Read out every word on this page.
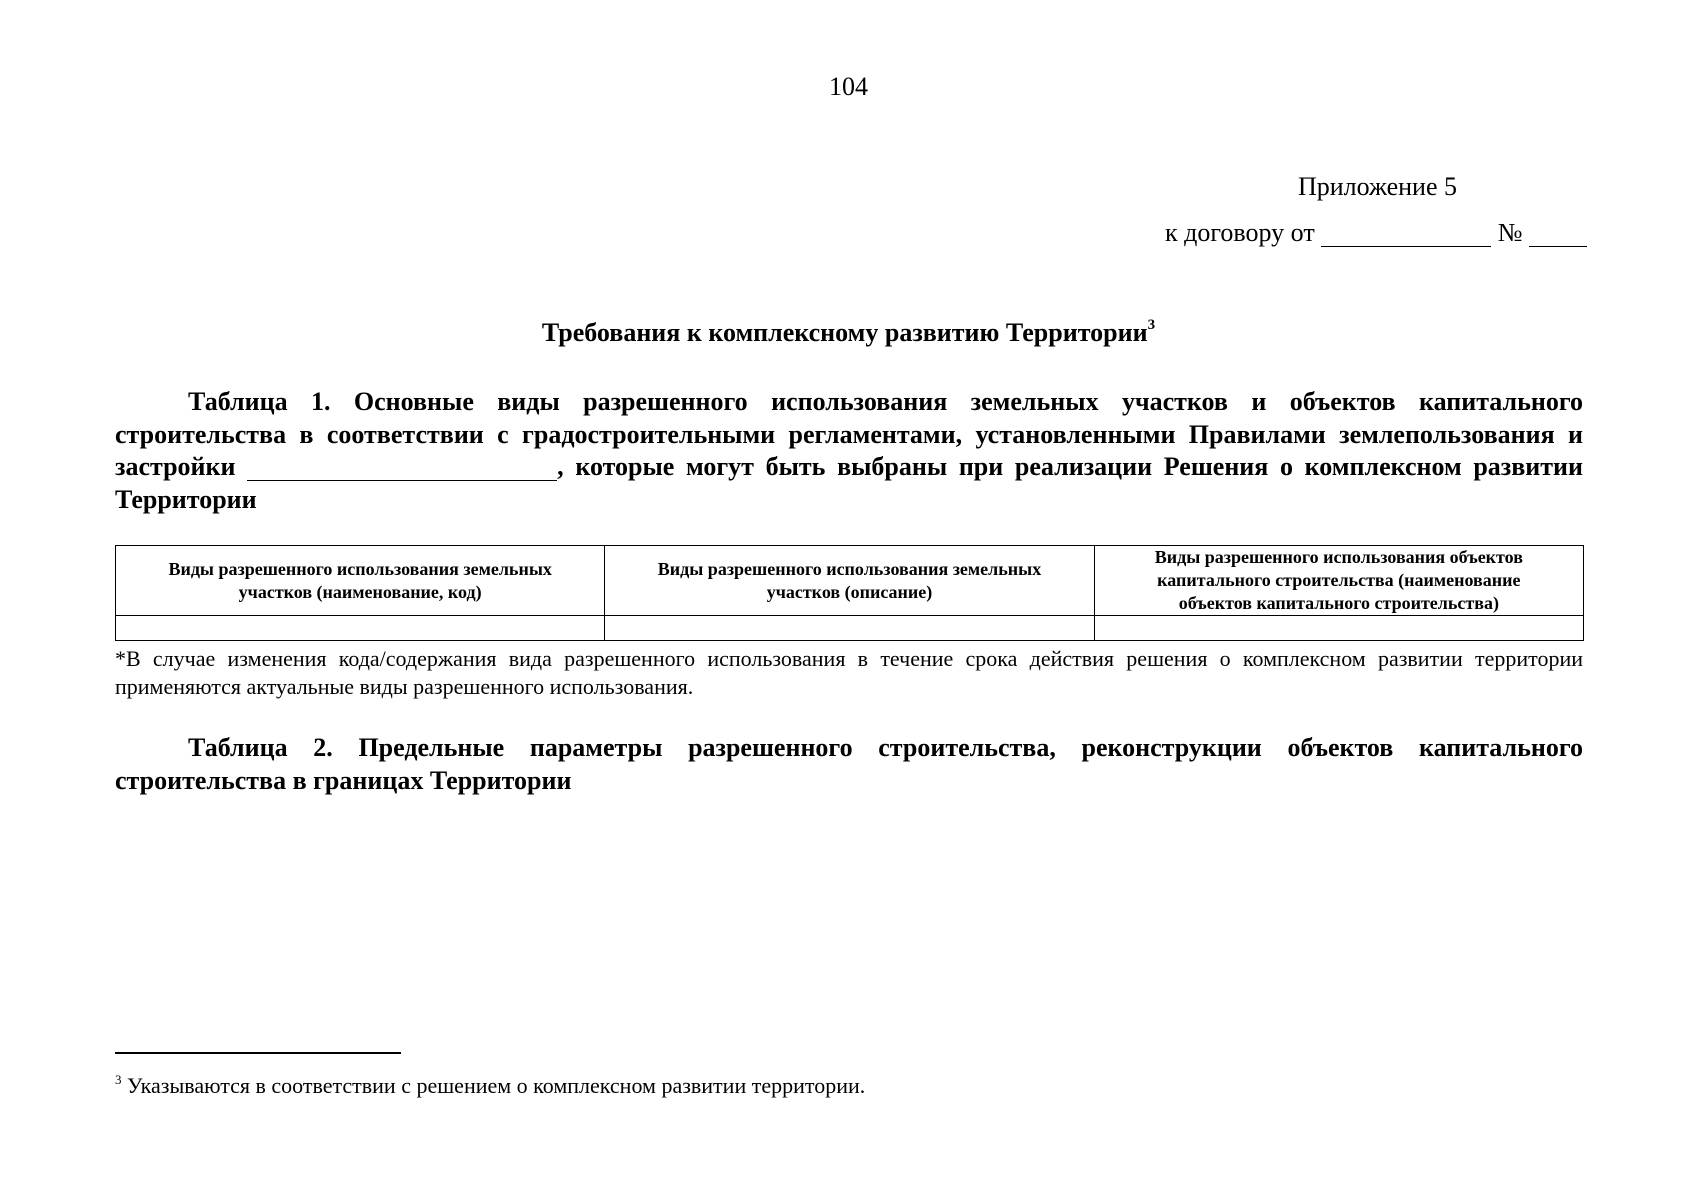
104
Приложение 5
к договору от	№
Требования к комплексному развитию Территории$^3$
Таблица 1. Основные виды разрешенного использования земельных участков и объектов капитального строительства в соответствии с градостроительными регламентами, установленными Правилами землепользования и застройки	, которые могут быть выбраны при реализации Решения о комплексном развитии Территории
Виды разрешенного использования земельных участков (наименование, код)	Виды разрешенного использования земельных участков (описание)	Виды разрешенного использования объектов капитального строительства (наименование объектов капитального строительства)

*В случае изменения кода/содержания вида разрешенного использования в течение срока действия решения о комплексном развитии территории применяются актуальные виды разрешенного использования.
Таблица 2. Предельные параметры разрешенного строительства, реконструкции объектов капитального строительства в границах Территории
$^3$ Указываются в соответствии с решением о комплексном развитии территории.
